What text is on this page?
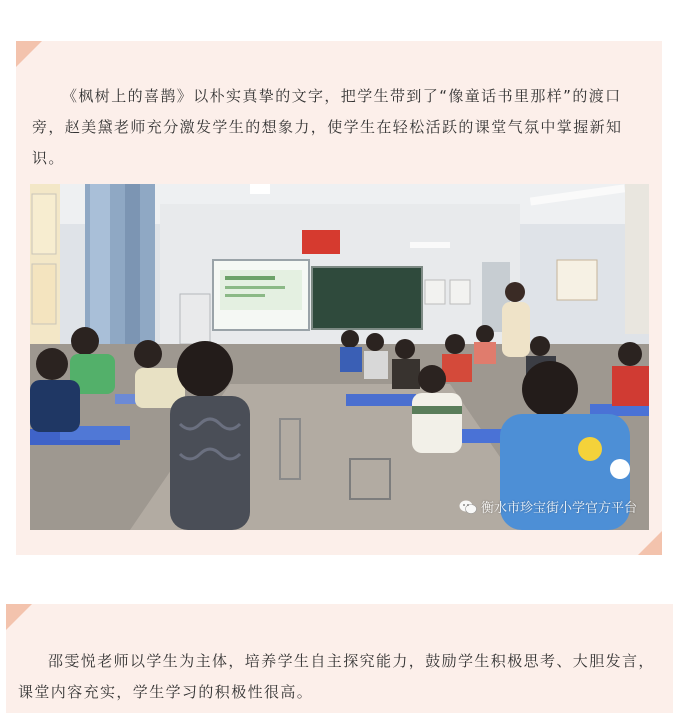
《枫树上的喜鹊》以朴实真挚的文字，把学生带到了“像童话书里那样”的渡口旁，赵美黛老师充分激发学生的想象力，使学生在轻松活跃的课堂气氛中掌握新知识。

衡水市珍宝街小学官方平台

邵雯悦老师以学生为主体，培养学生自主探究能力，鼓励学生积极思考、大胆发言，课堂内容充实，学生学习的积极性很高。
